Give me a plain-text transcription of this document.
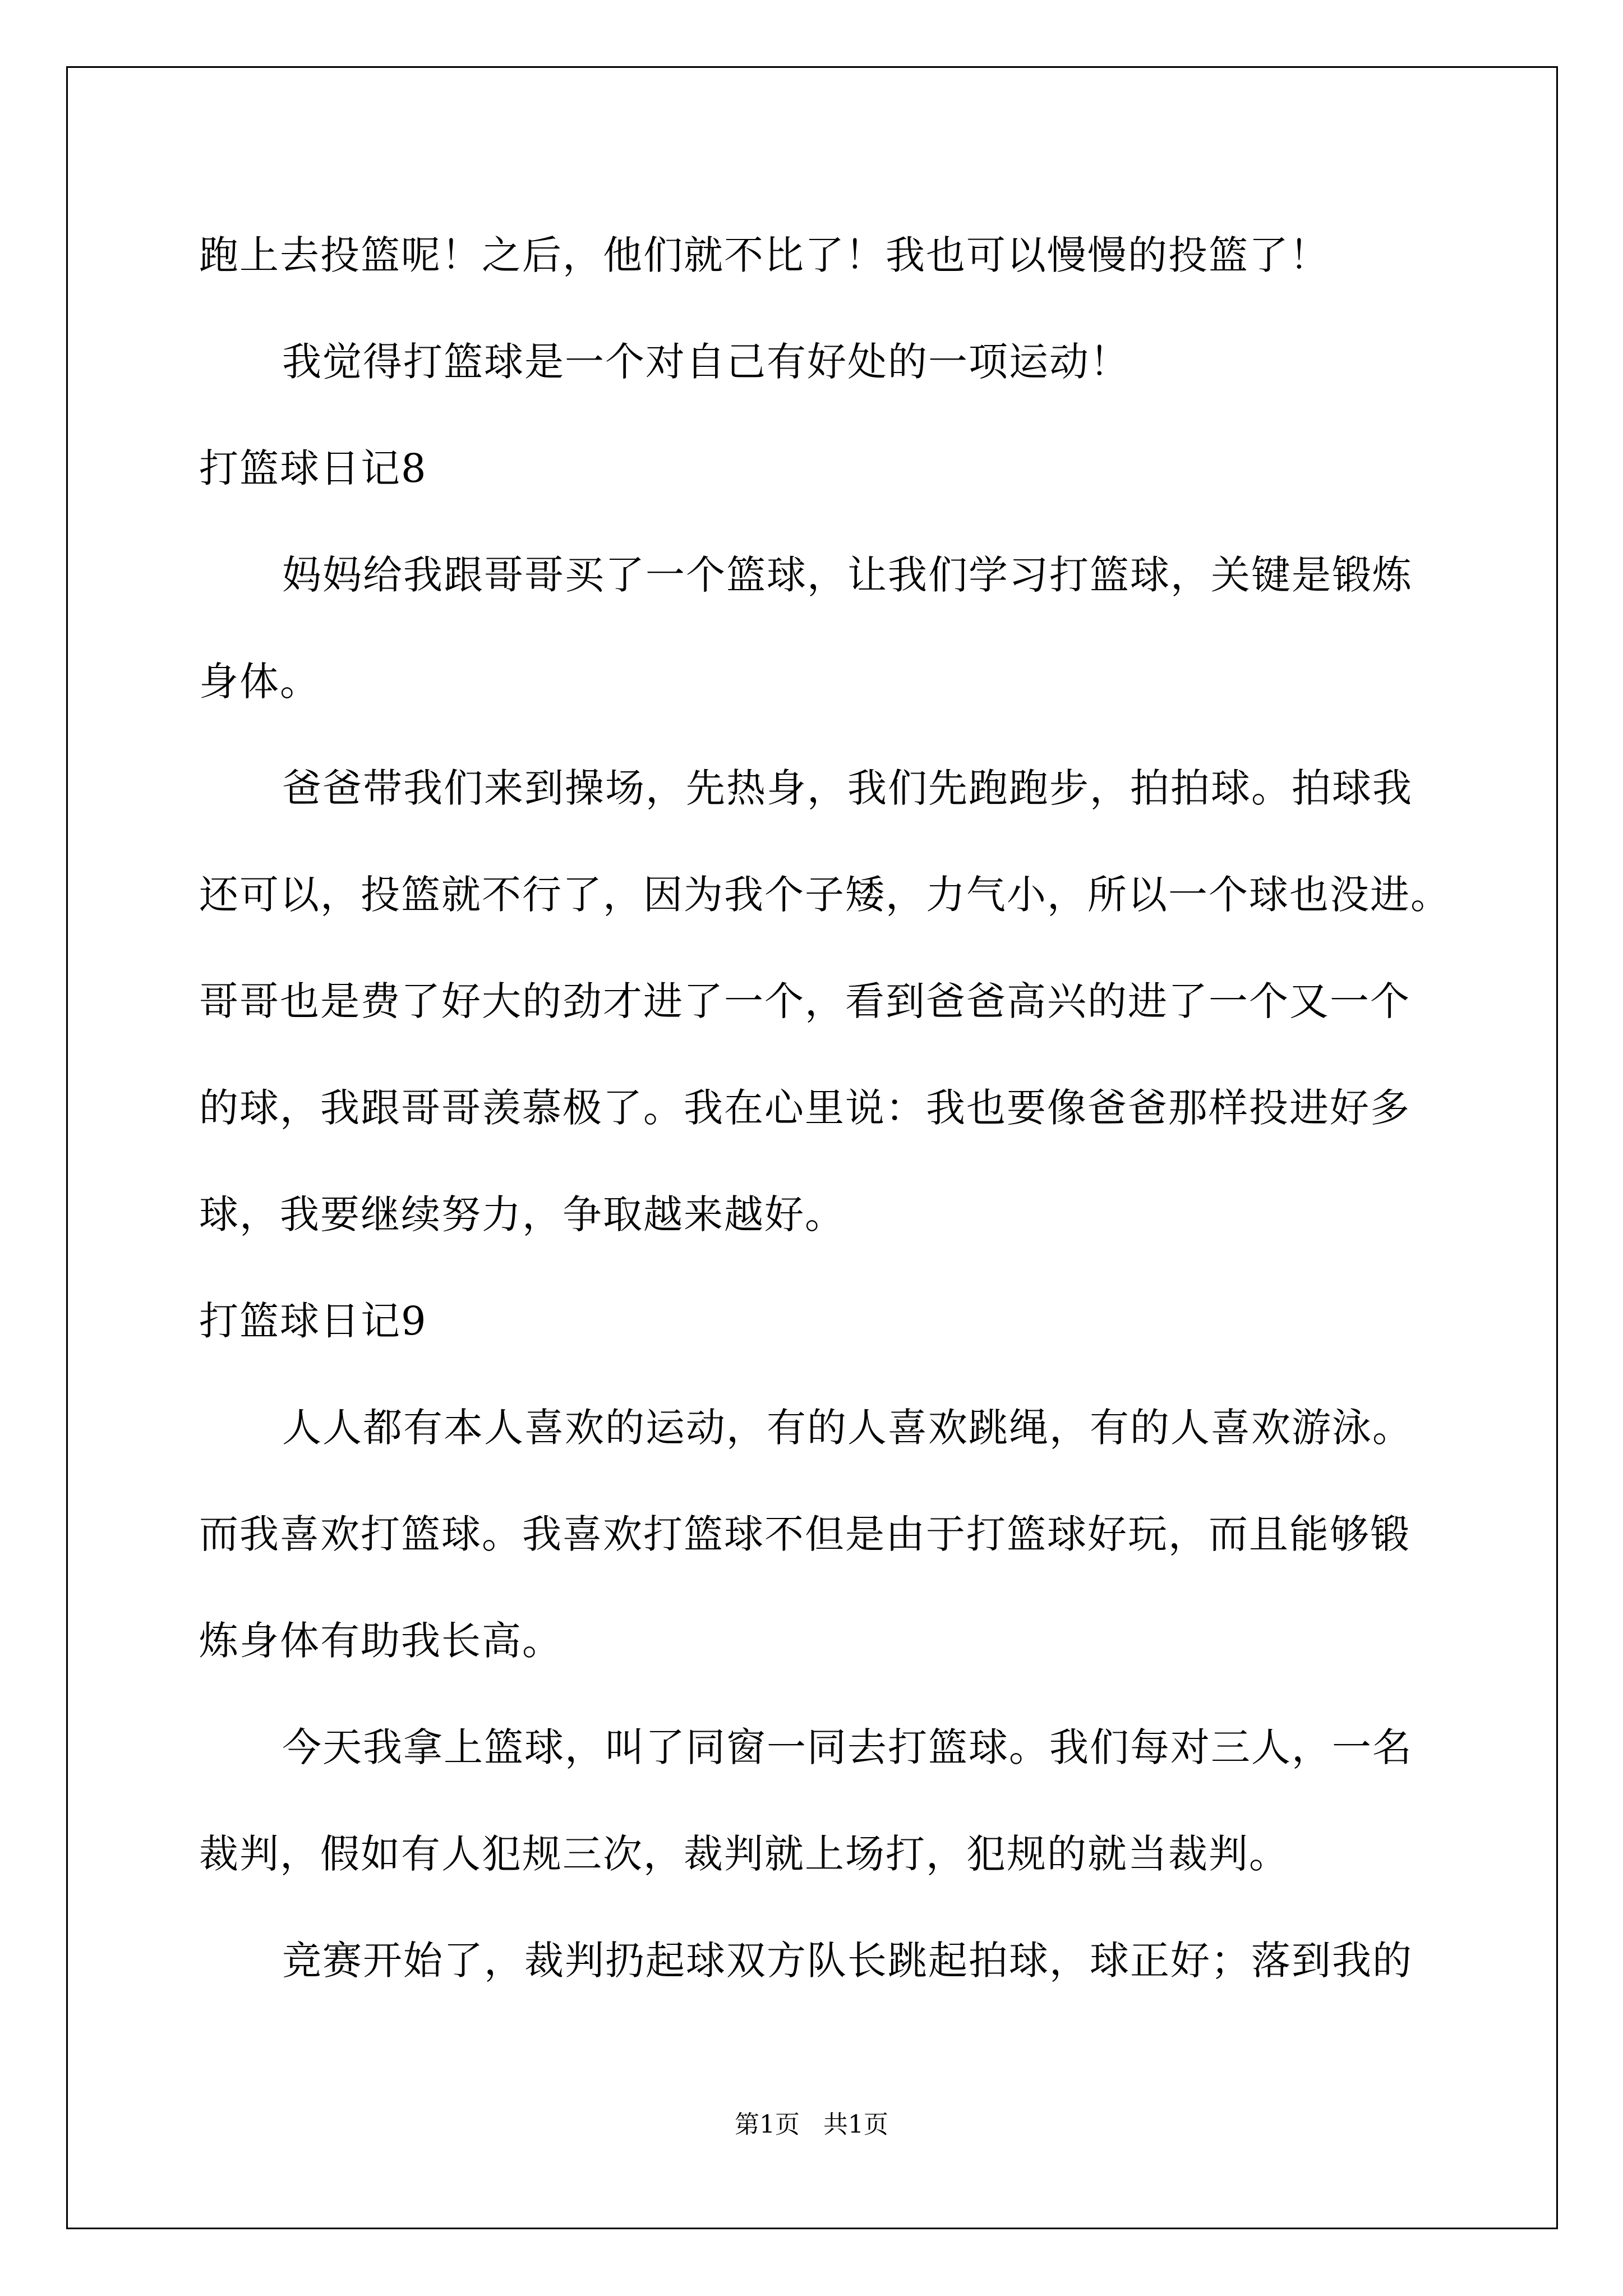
跑上去投篮呢！之后，他们就不比了！我也可以慢慢的投篮了！
我觉得打篮球是一个对自己有好处的一项运动！
打篮球日记8
妈妈给我跟哥哥买了一个篮球，让我们学习打篮球，关键是锻炼
身体。
爸爸带我们来到操场，先热身，我们先跑跑步，拍拍球。拍球我
还可以，投篮就不行了，因为我个子矮，力气小，所以一个球也没进。
哥哥也是费了好大的劲才进了一个，看到爸爸高兴的进了一个又一个
的球，我跟哥哥羡慕极了。我在心里说：我也要像爸爸那样投进好多
球，我要继续努力，争取越来越好。
打篮球日记9
人人都有本人喜欢的运动，有的人喜欢跳绳，有的人喜欢游泳。
而我喜欢打篮球。我喜欢打篮球不但是由于打篮球好玩，而且能够锻
炼身体有助我长高。
今天我拿上篮球，叫了同窗一同去打篮球。我们每对三人，一名
裁判，假如有人犯规三次，裁判就上场打，犯规的就当裁判。
竞赛开始了，裁判扔起球双方队长跳起拍球，球正好；落到我的
第1页 共1页
